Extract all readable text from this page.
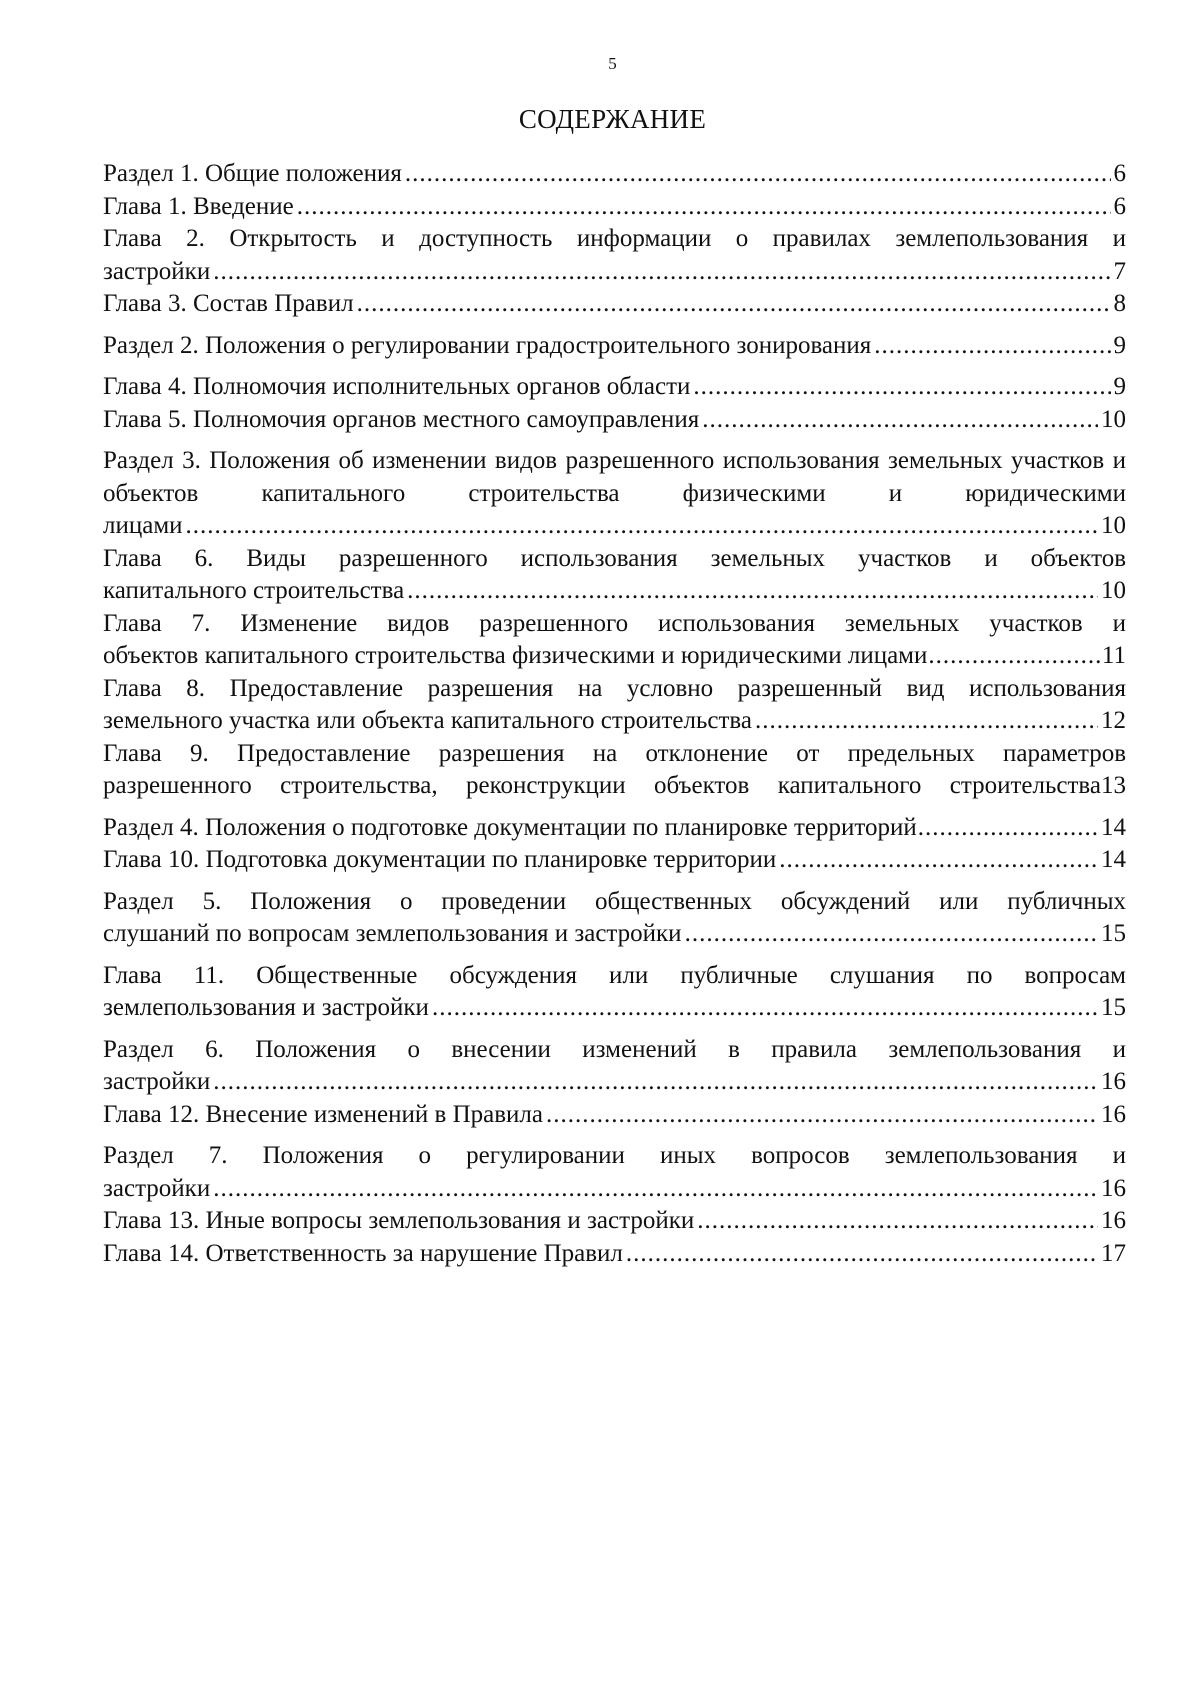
5
СОДЕРЖАНИЕ
Раздел 1. Общие положения .....	6
Глава 1. Введение .....	6
Глава 2. Открытость и доступность информации о правилах землепользования и
застройки .....	7
Глава 3. Состав Правил .....	8
Раздел 2. Положения о регулировании градостроительного зонирования .....	9
Глава 4. Полномочия исполнительных органов области .....	9
Глава 5. Полномочия органов местного самоуправления .....	10
Раздел 3. Положения об изменении видов разрешенного использования земельных участков и объектов капитального строительства физическими и юридическими
лицами .....	10
Глава 6. Виды разрешенного использования земельных участков и объектов
капитального строительства .....	10
Глава 7. Изменение видов разрешенного использования земельных участков и
объектов капитального строительства физическими и юридическими лицами .....	11
Глава 8. Предоставление разрешения на условно разрешенный вид использования
земельного участка или объекта капитального строительства .....	12
Глава 9. Предоставление разрешения на отклонение от предельных параметров
разрешенного строительства, реконструкции объектов капитального строительства 13
Раздел 4. Положения о подготовке документации по планировке территорий .....	14
Глава 10. Подготовка документации по планировке территории .....	14
Раздел 5. Положения о проведении общественных обсуждений или публичных
слушаний по вопросам землепользования и застройки .....	15
Глава 11. Общественные обсуждения или публичные слушания по вопросам
землепользования и застройки .....	15
Раздел 6. Положения о внесении изменений в правила землепользования и
застройки .....	16
Глава 12. Внесение изменений в Правила .....	16
Раздел 7. Положения о регулировании иных вопросов землепользования и
застройки .....	16
Глава 13. Иные вопросы землепользования и застройки .....	16
Глава 14. Ответственность за нарушение Правил .....	17
